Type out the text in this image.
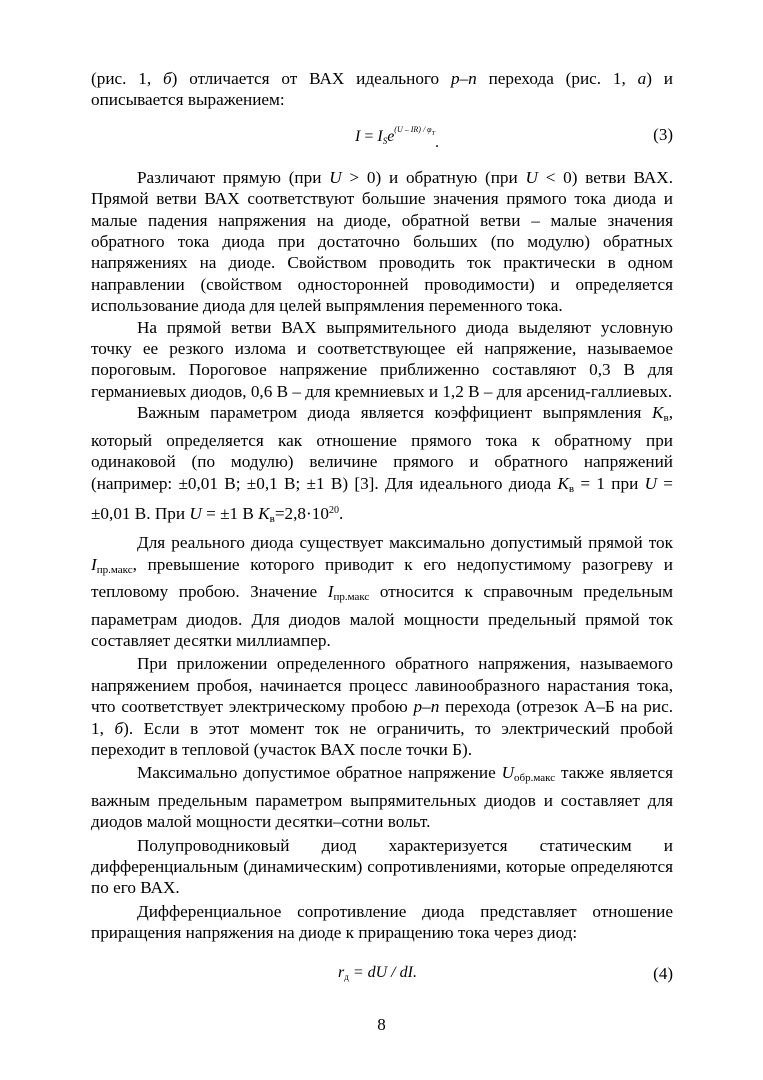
(рис. 1, б) отличается от ВАХ идеального p–n перехода (рис. 1, а) и

описывается выражением:

$I = I_Se^{(U - IR) / \varphi_T}$.	(3)

Различают прямую (при U > 0) и обратную (при U < 0) ветви ВАХ. Прямой ветви ВАХ соответствуют большие значения прямого тока диода и малые падения напряжения на диоде, обратной ветви – малые значения обратного тока диода при достаточно больших (по модулю) обратных напряжениях на диоде. Свойством проводить ток практически в одном направлении (свойством односторонней проводимости) и определяется использование диода для целей выпрямления переменного тока.

На прямой ветви ВАХ выпрямительного диода выделяют условную точку ее резкого излома и соответствующее ей напряжение, называемое пороговым. Пороговое напряжение приближенно составляют 0,3 В для германиевых диодов, 0,6 В – для кремниевых и 1,2 В – для арсенид-галлиевых.

Важным параметром диода является коэффициент выпрямления $K_в$, который определяется как отношение прямого тока к обратному при одинаковой (по модулю) величине прямого и обратного напряжений (например: ±0,01 В; ±0,1 В; ±1 В) [3]. Для идеального диода $K_в = 1$ при U = ±0,01 В. При U = ±1 В $K_в=2,8\cdot 10^{20}$.

Для реального диода существует максимально допустимый прямой ток $I_{пр.макс}$, превышение которого приводит к его недопустимому разогреву и тепловому пробою. Значение $I_{пр.макс}$ относится к справочным предельным параметрам диодов. Для диодов малой мощности предельный прямой ток составляет десятки миллиампер.

При приложении определенного обратного напряжения, называемого напряжением пробоя, начинается процесс лавинообразного нарастания тока, что соответствует электрическому пробою p–n перехода (отрезок А–Б на рис. 1, б). Если в этот момент ток не ограничить, то электрический пробой переходит в тепловой (участок ВАХ после точки Б).

Максимально допустимое обратное напряжение $U_{обр.макс}$ также является важным предельным параметром выпрямительных диодов и составляет для диодов малой мощности десятки–сотни вольт.

Полупроводниковый диод характеризуется статическим и дифференциальным (динамическим) сопротивлениями, которые определяются по его ВАХ.

Дифференциальное сопротивление диода представляет отношение приращения напряжения на диоде к приращению тока через диод:

$r_д$ = dU / dI.	(4)
8
